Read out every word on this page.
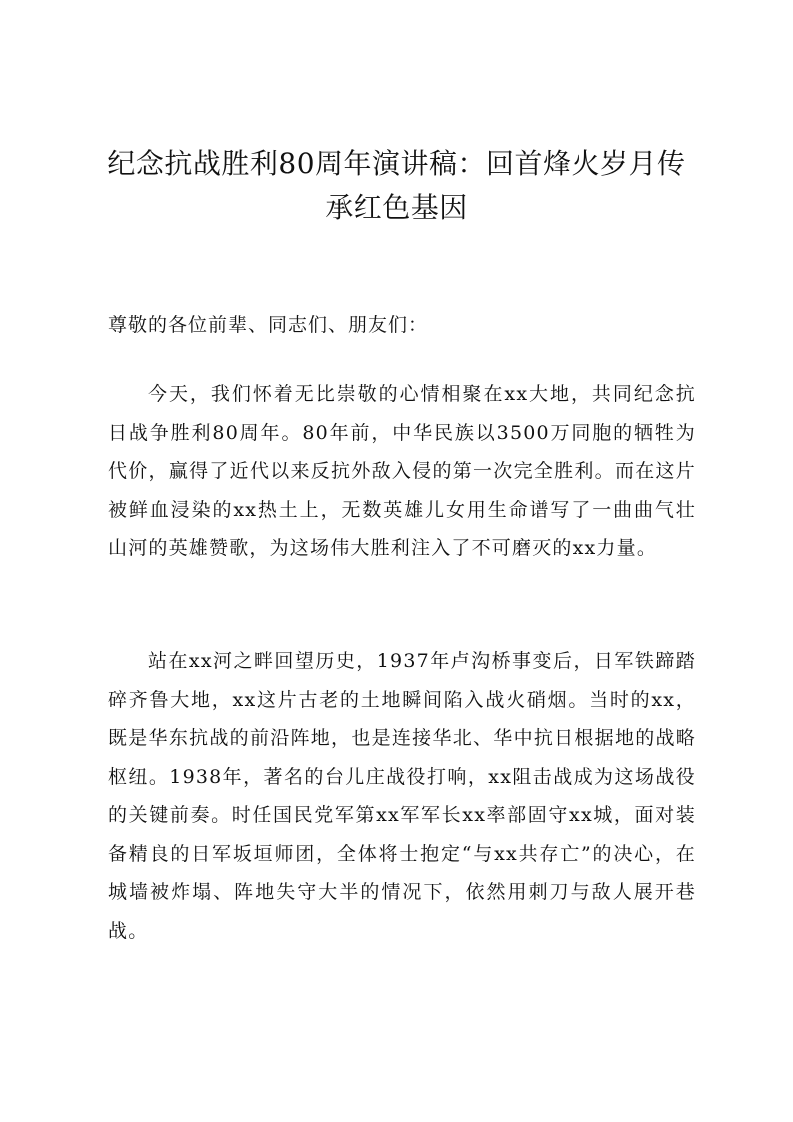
纪念抗战胜利80周年演讲稿：回首烽火岁月传承红色基因

尊敬的各位前辈、同志们、朋友们：

今天，我们怀着无比崇敬的心情相聚在xx大地，共同纪念抗日战争胜利80周年。80年前，中华民族以3500万同胞的牺牲为代价，赢得了近代以来反抗外敌入侵的第一次完全胜利。而在这片被鲜血浸染的xx热土上，无数英雄儿女用生命谱写了一曲曲气壮山河的英雄赞歌，为这场伟大胜利注入了不可磨灭的xx力量。

站在xx河之畔回望历史，1937年卢沟桥事变后，日军铁蹄踏碎齐鲁大地，xx这片古老的土地瞬间陷入战火硝烟。当时的xx，既是华东抗战的前沿阵地，也是连接华北、华中抗日根据地的战略枢纽。1938年，著名的台儿庄战役打响，xx阻击战成为这场战役的关键前奏。时任国民党军第xx军军长xx率部固守xx城，面对装备精良的日军坂垣师团，全体将士抱定“与xx共存亡”的决心，在城墙被炸塌、阵地失守大半的情况下，依然用刺刀与敌人展开巷战。
